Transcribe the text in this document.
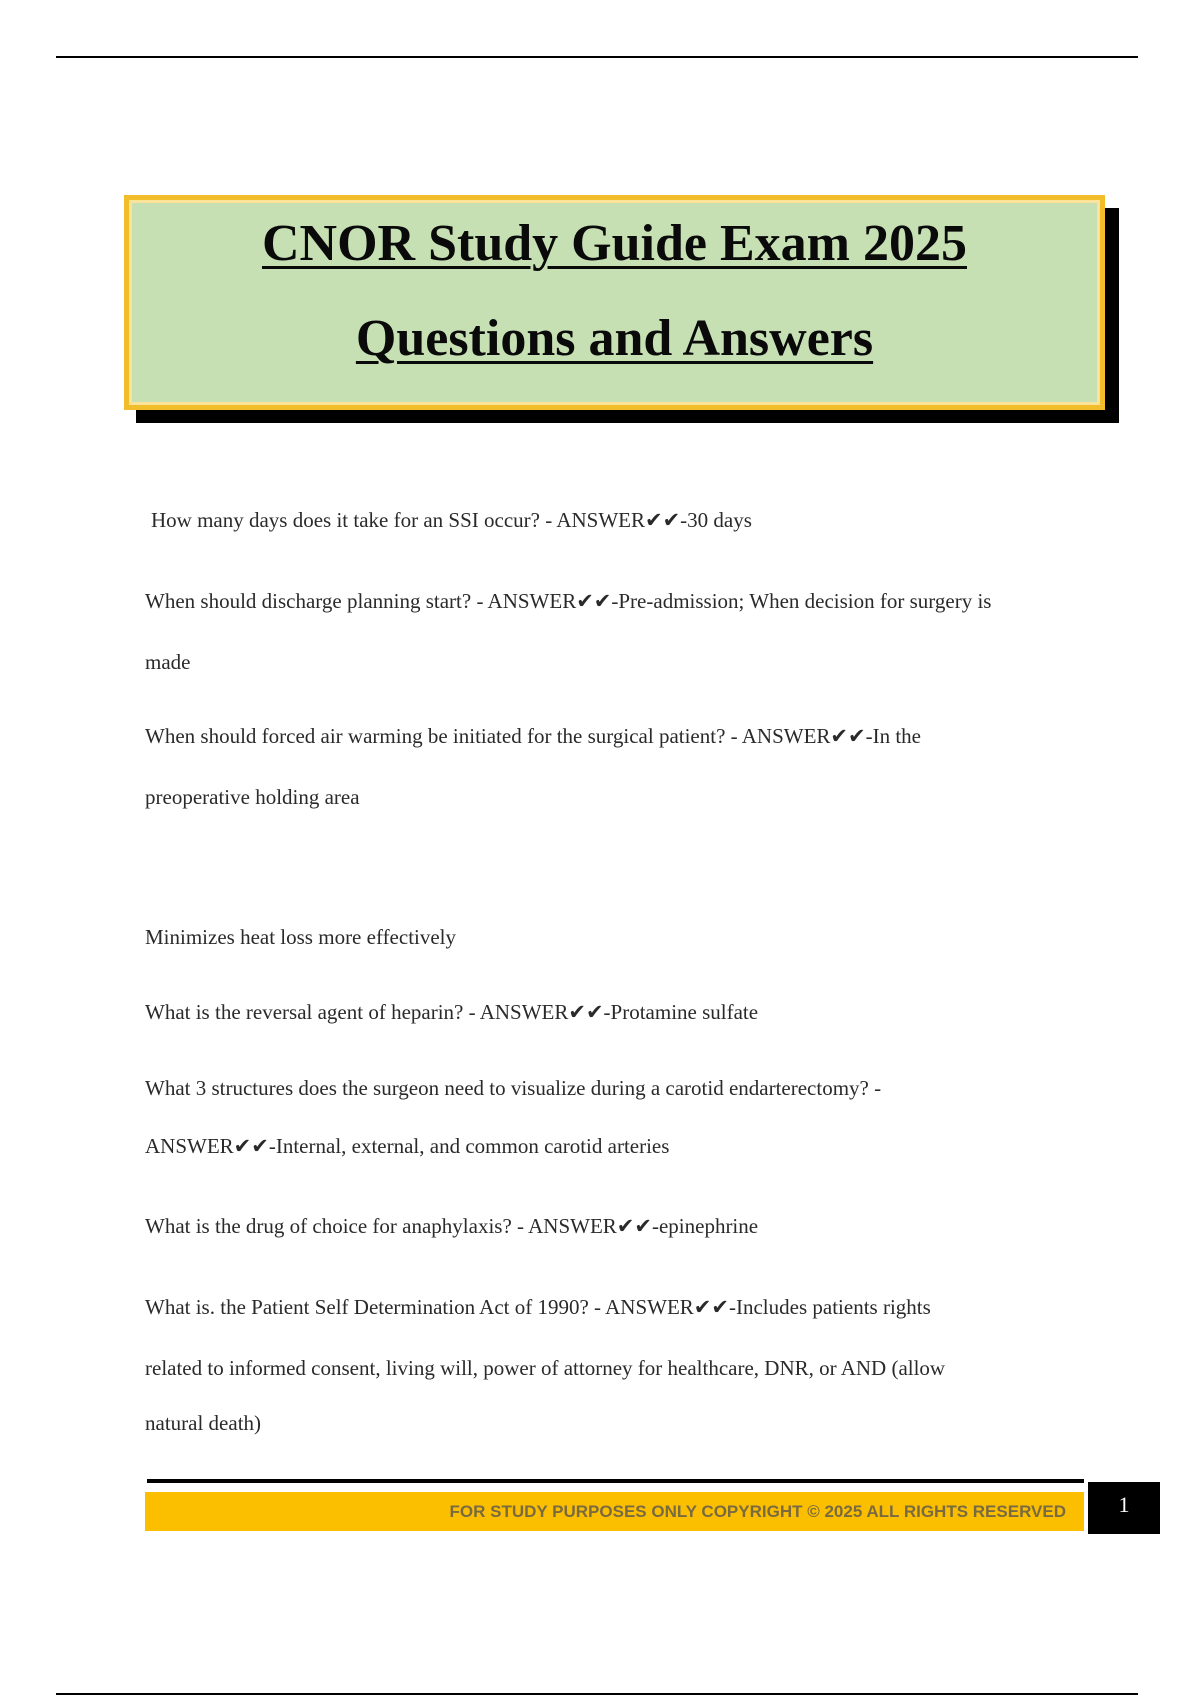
CNOR Study Guide Exam 2025
Questions and Answers
How many days does it take for an SSI occur? - ANSWER✔✔-30 days
When should discharge planning start? - ANSWER✔✔-Pre-admission; When decision for surgery is
made
When should forced air warming be initiated for the surgical patient? - ANSWER✔✔-In the
preoperative holding area
Minimizes heat loss more effectively
What is the reversal agent of heparin? - ANSWER✔✔-Protamine sulfate
What 3 structures does the surgeon need to visualize during a carotid endarterectomy? -
ANSWER✔✔-Internal, external, and common carotid arteries
What is the drug of choice for anaphylaxis? - ANSWER✔✔-epinephrine
What is. the Patient Self Determination Act of 1990? - ANSWER✔✔-Includes patients rights
related to informed consent, living will, power of attorney for healthcare, DNR, or AND (allow
natural death)
FOR STUDY PURPOSES ONLY COPYRIGHT © 2025 ALL RIGHTS RESERVED	1
